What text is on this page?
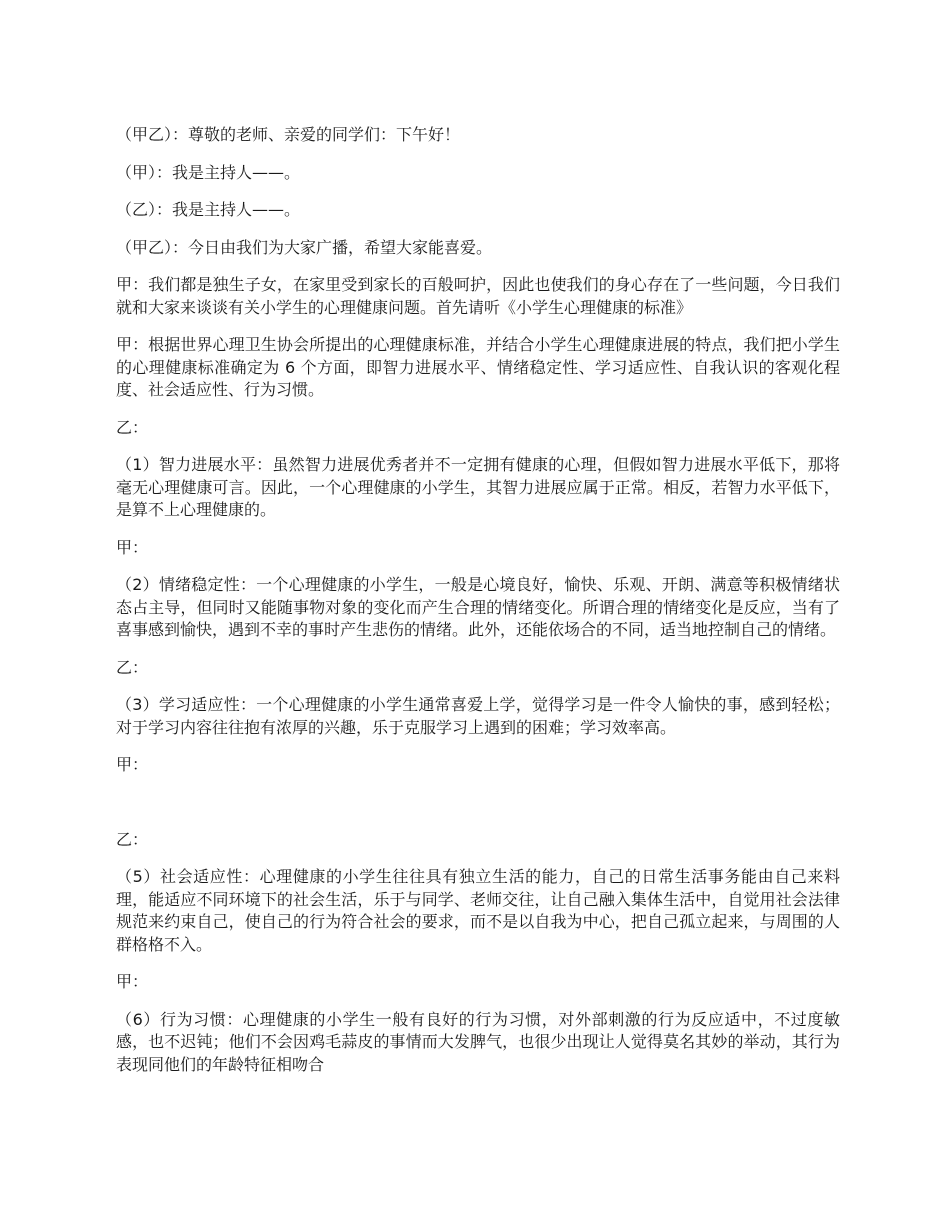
（甲乙）：尊敬的老师、亲爱的同学们：下午好！

（甲）：我是主持人——。

（乙）：我是主持人——。

（甲乙）：今日由我们为大家广播，希望大家能喜爱。

甲：我们都是独生子女，在家里受到家长的百般呵护，因此也使我们的身心存在了一些问题，今日我们就和大家来谈谈有关小学生的心理健康问题。首先请听《小学生心理健康的标准》

甲：根据世界心理卫生协会所提出的心理健康标准，并结合小学生心理健康进展的特点，我们把小学生的心理健康标准确定为 6 个方面，即智力进展水平、情绪稳定性、学习适应性、自我认识的客观化程度、社会适应性、行为习惯。

乙：

（1）智力进展水平：虽然智力进展优秀者并不一定拥有健康的心理，但假如智力进展水平低下，那将毫无心理健康可言。因此，一个心理健康的小学生，其智力进展应属于正常。相反，若智力水平低下，是算不上心理健康的。

甲：

（2）情绪稳定性：一个心理健康的小学生，一般是心境良好，愉快、乐观、开朗、满意等积极情绪状态占主导，但同时又能随事物对象的变化而产生合理的情绪变化。所谓合理的情绪变化是反应，当有了喜事感到愉快，遇到不幸的事时产生悲伤的情绪。此外，还能依场合的不同，适当地控制自己的情绪。

乙：

（3）学习适应性：一个心理健康的小学生通常喜爱上学，觉得学习是一件令人愉快的事，感到轻松；对于学习内容往往抱有浓厚的兴趣，乐于克服学习上遇到的困难；学习效率高。

甲：

乙：

（5）社会适应性：心理健康的小学生往往具有独立生活的能力，自己的日常生活事务能由自己来料理，能适应不同环境下的社会生活，乐于与同学、老师交往，让自己融入集体生活中，自觉用社会法律规范来约束自己，使自己的行为符合社会的要求，而不是以自我为中心，把自己孤立起来，与周围的人群格格不入。

甲：

（6）行为习惯：心理健康的小学生一般有良好的行为习惯，对外部刺激的行为反应适中，不过度敏感，也不迟钝；他们不会因鸡毛蒜皮的事情而大发脾气，也很少出现让人觉得莫名其妙的举动，其行为表现同他们的年龄特征相吻合
